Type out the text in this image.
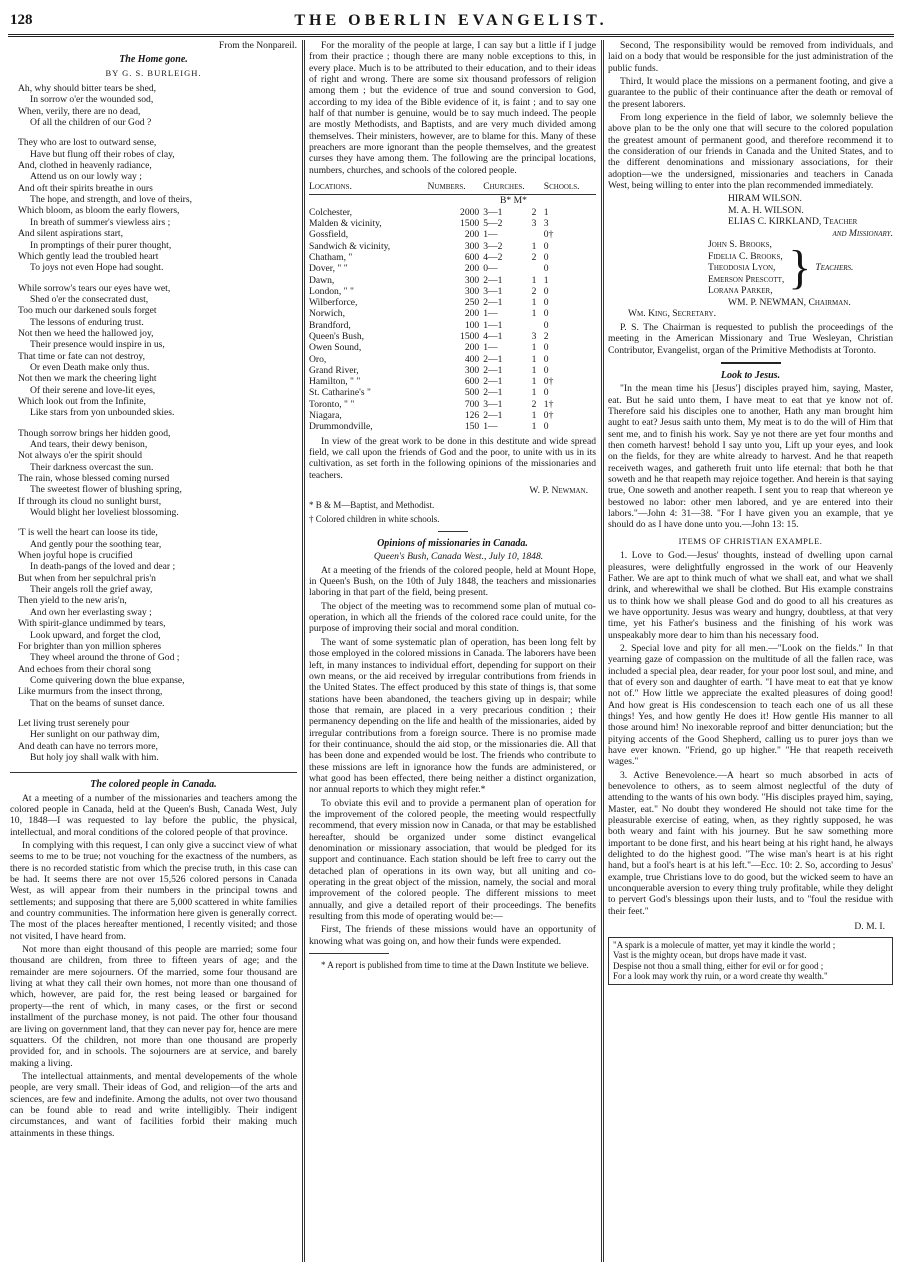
128	THE OBERLIN EVANGELIST.

From the Nonpareil.

The Home gone.
BY G. S. BURLEIGH.
Ah, why should bitter tears be shed,
In sorrow o'er the wounded sod,
When, verily, there are no dead,
Of all the children of our God ?
They who are lost to outward sense,
Have but flung off their robes of clay,
And, clothed in heavenly radiance,
Attend us on our lowly way ;
And oft their spirits breathe in ours
The hope, and strength, and love of theirs,
Which bloom, as bloom the early flowers,
In breath of summer's viewless airs ;
And silent aspirations start,
In promptings of their purer thought,
Which gently lead the troubled heart
To joys not even Hope had sought.
While sorrow's tears our eyes have wet,
Shed o'er the consecrated dust,
Too much our darkened souls forget
The lessons of enduring trust.
Not then we heed the hallowed joy,
Their presence would inspire in us,
That time or fate can not destroy,
Or even Death make only thus.
Not then we mark the cheering light
Of their serene and love-lit eyes,
Which look out from the Infinite,
Like stars from yon unbounded skies.
Though sorrow brings her hidden good,
And tears, their dewy benison,
Not always o'er the spirit should
Their darkness overcast the sun.
The rain, whose blessed coming nursed
The sweetest flower of blushing spring,
If through its cloud no sunlight burst,
Would blight her loveliest blossoming.
'T is well the heart can loose its tide,
And gently pour the soothing tear,
When joyful hope is crucified
In death-pangs of the loved and dear ;
But when from her sepulchral pris'n
Their angels roll the grief away,
Then yield to the new aris'n,
And own her everlasting sway ;
With spirit-glance undimmed by tears,
Look upward, and forget the clod,
For brighter than yon million spheres
They wheel around the throne of God ;
And echoes from their choral song
Come quivering down the blue expanse,
Like murmurs from the insect throng,
That on the beams of sunset dance.
Let living trust serenely pour
Her sunlight on our pathway dim,
And death can have no terrors more,
But holy joy shall walk with him.
The colored people in Canada.

At a meeting of a number of the missionaries and teachers among the colored people in Canada, held at the Queen's Bush, Canada West, July 10, 1848—I was requested to lay before the public, the physical, intellectual, and moral conditions of the colored people of that province.

In complying with this request, I can only give a succinct view of what seems to me to be true; not vouching for the exactness of the numbers, as there is no recorded statistic from which the precise truth, in this case can be had. It seems there are not over 15,526 colored persons in Canada West, as will appear from their numbers in the principal towns and settlements; and supposing that there are 5,000 scattered in white families and country communities. The information here given is generally correct. The most of the places hereafter mentioned, I recently visited; and those not visited, I have heard from.

Not more than eight thousand of this people are married; some four thousand are children, from three to fifteen years of age; and the remainder are mere sojourners. Of the married, some four thousand are living at what they call their own homes, not more than one thousand of which, however, are paid for, the rest being leased or bargained for property—the rent of which, in many cases, or the first or second installment of the purchase money, is not paid. The other four thousand are living on government land, that they can never pay for, hence are mere squatters. Of the children, not more than one thousand are properly provided for, and in schools. The sojourners are at service, and barely making a living.

The intellectual attainments, and mental developements of the whole people, are very small. Their ideas of God, and religion—of the arts and sciences, are few and indefinite. Among the adults, not over two thousand can be found able to read and write intelligibly. Their indigent circumstances, and want of facilities forbid their making much attainments in these things.

For the morality of the people at large, I can say but a little if I judge from their practice ; though there are many noble exceptions to this, in every place. Much is to be attributed to their education, and to their ideas of right and wrong. There are some six thousand professors of religion among them ; but the evidence of true and sound conversion to God, according to my idea of the Bible evidence of it, is faint ; and to say one half of that number is genuine, would be to say much indeed. The people are mostly Methodists, and Baptists, and are very much divided among themselves. Their ministers, however, are to blame for this. Many of these preachers are more ignorant than the people themselves, and the greatest curses they have among them. The following are the principal locations, numbers, churches, and schools of the colored people.

Locations.	Numbers.	Churches.		Schools.
		B* M*		
Colchester,	2000	3—1	2	1
Malden & vicinity,	1500	5—2	3	3
Gossfield,	200	1—		0†
Sandwich & vicinity,	300	3—2	1	0
Chatham, "	600	4—2	2	0
Dover, " "	200	0—		0
Dawn,	300	2—1	1	1
London, " "	300	3—1	2	0
Wilberforce,	250	2—1	1	0
Norwich,	200	1—	1	0
Brandford,	100	1—1		0
Queen's Bush,	1500	4—1	3	2
Owen Sound,	200	1—	1	0
Oro,	400	2—1	1	0
Grand River,	300	2—1	1	0
Hamilton, " "	600	2—1	1	0†
St. Catharine's "	500	2—1	1	0
Toronto, " "	700	3—1	2	1†
Niagara,	126	2—1	1	0†
Drummondville,	150	1—	1	0

In view of the great work to be done in this destitute and wide spread field, we call upon the friends of God and the poor, to unite with us in its cultivation, as set forth in the following opinions of the missionaries and teachers.

W. P. Newman.

* B & M—Baptist, and Methodist.

† Colored children in white schools.

Opinions of missionaries in Canada.

Queen's Bush, Canada West., July 10, 1848.

At a meeting of the friends of the colored people, held at Mount Hope, in Queen's Bush, on the 10th of July 1848, the teachers and missionaries laboring in that part of the field, being present.

The object of the meeting was to recommend some plan of mutual co-operation, in which all the friends of the colored race could unite, for the purpose of improving their social and moral condition.

The want of some systematic plan of operation, has been long felt by those employed in the colored missions in Canada. The laborers have been left, in many instances to individual effort, depending for support on their own means, or the aid received by irregular contributions from friends in the United States. The effect produced by this state of things is, that some stations have been abandoned, the teachers giving up in despair; while those that remain, are placed in a very precarious condition ; their permanency depending on the life and health of the missionaries, aided by irregular contributions from a foreign source. There is no promise made for their continuance, should the aid stop, or the missionaries die. All that has been done and expended would be lost. The friends who contribute to these missions are left in ignorance how the funds are administered, or what good has been effected, there being neither a distinct organization, nor annual reports to which they might refer.*

To obviate this evil and to provide a permanent plan of operation for the improvement of the colored people, the meeting would respectfully recommend, that every mission now in Canada, or that may be established hereafter, should be organized under some distinct evangelical denomination or missionary association, that would be pledged for its support and continuance. Each station should be left free to carry out the detached plan of operations in its own way, but all uniting and co-operating in the great object of the mission, namely, the social and moral improvement of the colored people. The different missions to meet annually, and give a detailed report of their proceedings. The benefits resulting from this mode of operating would be:—

First, The friends of these missions would have an opportunity of knowing what was going on, and how their funds were expended.

* A report is published from time to time at the Dawn Institute we believe.

Second, The responsibility would be removed from individuals, and laid on a body that would be responsible for the just administration of the public funds.

Third, It would place the missions on a permanent footing, and give a guarantee to the public of their continuance after the death or removal of the present laborers.

From long experience in the field of labor, we solemnly believe the above plan to be the only one that will secure to the colored population the greatest amount of permanent good, and therefore recommend it to the consideration of our friends in Canada and the United States, and to the different denominations and missionary associations, for their adoption—we the undersigned, missionaries and teachers in Canada West, being willing to enter into the plan recommended immediately.

HIRAM WILSON.
M. A. H. WILSON.
ELIAS C. KIRKLAND, Teacher
and Missionary.
John S. Brooks,
Fidelia C. Brooks,
Theodosia Lyon,
Emerson Prescott,
Lorana Parker, } Teachers.
WM. P. NEWMAN, Chairman.
Wm. King, Secretary.

P. S. The Chairman is requested to publish the proceedings of the meeting in the American Missionary and True Wesleyan, Christian Contributor, Evangelist, organ of the Primitive Methodists at Toronto.

Look to Jesus.

"In the mean time his [Jesus'] disciples prayed him, saying, Master, eat. But he said unto them, I have meat to eat that ye know not of. Therefore said his disciples one to another, Hath any man brought him aught to eat? Jesus saith unto them, My meat is to do the will of Him that sent me, and to finish his work. Say ye not there are yet four months and then cometh harvest! behold I say unto you, Lift up your eyes, and look on the fields, for they are white already to harvest. And he that reapeth receiveth wages, and gathereth fruit unto life eternal: that both he that soweth and he that reapeth may rejoice together. And herein is that saying true, One soweth and another reapeth. I sent you to reap that whereon ye bestowed no labor: other men labored, and ye are entered into their labors."—John 4: 31—38. "For I have given you an example, that ye should do as I have done unto you.—John 13: 15.

ITEMS OF CHRISTIAN EXAMPLE.

1. Love to God.—Jesus' thoughts, instead of dwelling upon carnal pleasures, were delightfully engrossed in the work of our Heavenly Father. We are apt to think much of what we shall eat, and what we shall drink, and wherewithal we shall be clothed. But His example constrains us to think how we shall please God and do good to all his creatures as we have opportunity. Jesus was weary and hungry, doubtless, at that very time, yet his Father's business and the finishing of his work was unspeakably more dear to him than his necessary food.

2. Special love and pity for all men.—"Look on the fields." In that yearning gaze of compassion on the multitude of all the fallen race, was included a special plea, dear reader, for your poor lost soul, and mine, and that of every son and daughter of earth. "I have meat to eat that ye know not of." How little we appreciate the exalted pleasures of doing good! And how great is His condescension to teach each one of us all these things! Yes, and how gently He does it! How gentle His manner to all those around him! No inexorable reproof and bitter denunciation; but the pitying accents of the Good Shepherd, calling us to purer joys than we have ever known. "Friend, go up higher." "He that reapeth receiveth wages."

3. Active Benevolence.—A heart so much absorbed in acts of benevolence to others, as to seem almost neglectful of the duty of attending to the wants of his own body. "His disciples prayed him, saying, Master, eat." No doubt they wondered He should not take time for the pleasurable exercise of eating, when, as they rightly supposed, he was both weary and faint with his journey. But he saw something more important to be done first, and his heart being at his right hand, he always delighted to do the highest good. "The wise man's heart is at his right hand, but a fool's heart is at his left."—Ecc. 10: 2. So, according to Jesus' example, true Christians love to do good, but the wicked seem to have an unconquerable aversion to every thing truly profitable, while they delight to pervert God's blessings upon their lusts, and to "foul the residue with their feet."

D. M. I.
"A spark is a molecule of matter, yet may it kindle the world ;
Vast is the mighty ocean, but drops have made it vast.
Despise not thou a small thing, either for evil or for good ;
For a look may work thy ruin, or a word create thy wealth."
